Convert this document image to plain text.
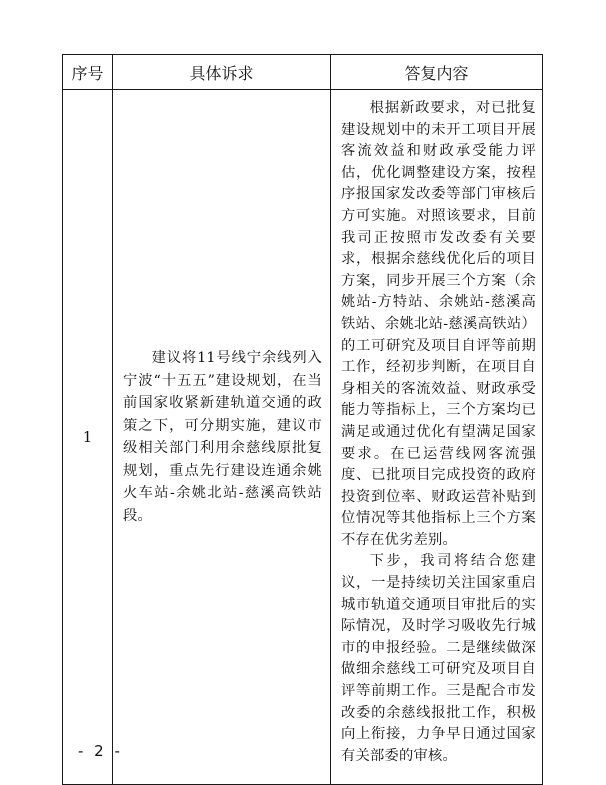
序号	具体诉求	答复内容
1	建议将11号线宁余线列入宁波“十五五”建设规划，在当前国家收紧新建轨道交通的政策之下，可分期实施，建议市级相关部门利用余慈线原批复规划，重点先行建设连通余姚火车站-余姚北站-慈溪高铁站段。	根据新政要求，对已批复建设规划中的未开工项目开展客流效益和财政承受能力评估，优化调整建设方案，按程序报国家发改委等部门审核后方可实施。对照该要求，目前我司正按照市发改委有关要求，根据余慈线优化后的项目方案，同步开展三个方案（余姚站-方特站、余姚站-慈溪高铁站、余姚北站-慈溪高铁站）的工可研究及项目自评等前期工作，经初步判断，在项目自身相关的客流效益、财政承受能力等指标上，三个方案均已满足或通过优化有望满足国家要求。在已运营线网客流强度、已批项目完成投资的政府投资到位率、财政运营补贴到位情况等其他指标上三个方案不存在优劣差别。

下步，我司将结合您建议，一是持续切关注国家重启城市轨道交通项目审批后的实际情况，及时学习吸收先行城市的申报经验。二是继续做深做细余慈线工可研究及项目自评等前期工作。三是配合市发改委的余慈线报批工作，积极向上衔接，力争早日通过国家有关部委的审核。

- 2 -
